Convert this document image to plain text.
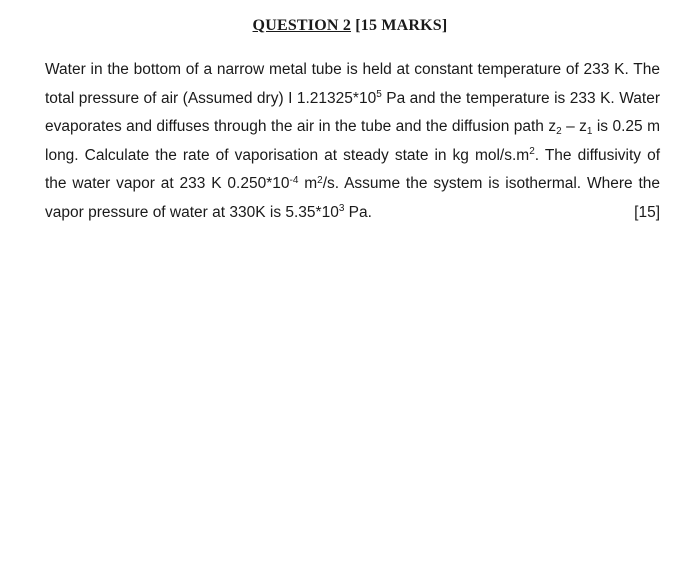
QUESTION 2 [15 MARKS]
Water in the bottom of a narrow metal tube is held at constant temperature of 233 K. The total pressure of air (Assumed dry) I $1.21325*10^5$ Pa and the temperature is 233 K. Water evaporates and diffuses through the air in the tube and the diffusion path $z_2 - z_1$ is 0.25 m long. Calculate the rate of vaporisation at steady state in kg mol/$s.m^2$. The diffusivity of the water vapor at 233 K $0.250*10^{-4}$ $m^2/s$. Assume the system is isothermal. Where the vapor pressure of water at 330K is $5.35*10^3$ Pa.	[15]
